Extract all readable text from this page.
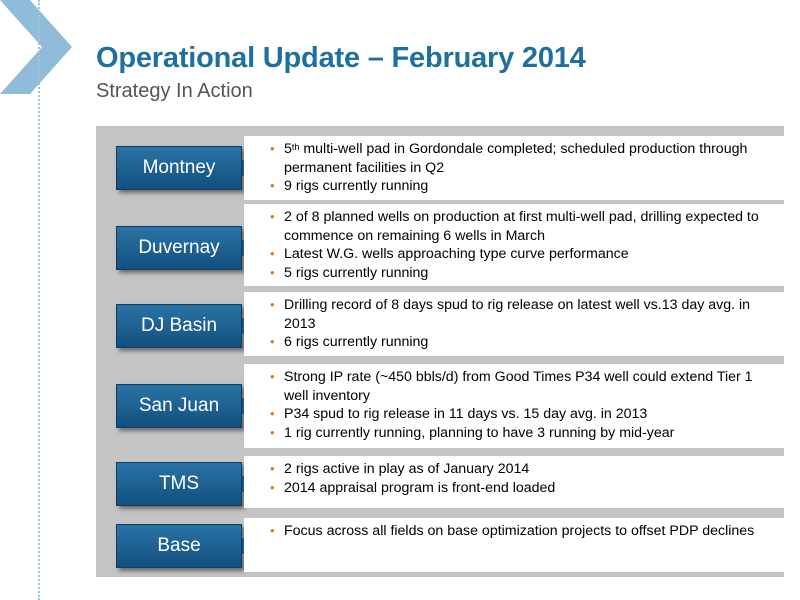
Operational Update – February 2014
Strategy In Action
Montney
• 5th multi-well pad in Gordondale completed; scheduled production through permanent facilities in Q2
• 9 rigs currently running
Duvernay
• 2 of 8 planned wells on production at first multi-well pad, drilling expected to commence on remaining 6 wells in March
• Latest W.G. wells approaching type curve performance
• 5 rigs currently running
DJ Basin
• Drilling record of 8 days spud to rig release on latest well vs.13 day avg. in 2013
• 6 rigs currently running
San Juan
• Strong IP rate (~450 bbls/d) from Good Times P34 well could extend Tier 1 well inventory
• P34 spud to rig release in 11 days vs. 15 day avg. in 2013
• 1 rig currently running, planning to have 3 running by mid-year
TMS
• 2 rigs active in play as of January 2014
• 2014 appraisal program is front-end loaded
Base
• Focus across all fields on base optimization projects to offset PDP declines
